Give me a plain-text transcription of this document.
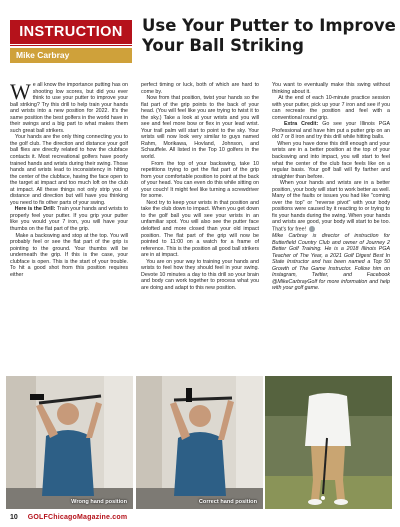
INSTRUCTION
Mike Carbray
Use Your Putter to Improve
Your Ball Striking

We all know the importance putting has on shooting low scores, but did you ever think to use your putter to improve your ball striking? Try this drill to help train your hands and wrists into a new position for 2022. It's the same position the best golfers in the world have in their swings and a big part to what makes them such great ball strikers.

Your hands are the only thing connecting you to the golf club. The direction and distance your golf ball flies are directly related to how the clubface contacts it. Most recreational golfers have poorly trained hands and wrists during their swing. Those hands and wrists lead to inconsistency in hitting the center of the clubface, having the face open to the target at impact and too much loft on the club at impact. All these things not only strip you of distance and direction but will have you thinking you need to fix other parts of your swing.

Here is the Drill: Train your hands and wrists to properly feel your putter. If you grip your putter like you would your 7 iron, you will have your thumbs on the flat part of the grip.

Make a backswing and stop at the top. You will probably feel or see the flat part of the grip is pointing to the ground. Your thumbs will be underneath the grip. If this is the case, your clubface is open. This is the start of your trouble. To hit a good shot from this position requires either

perfect timing or luck, both of which are hard to come by.

Now from that position, twist your hands so the flat part of the grip points to the back of your head. (You will feel like you are trying to twist it to the sky.) Take a look at your wrists and you will see and feel more bow or flex in your lead wrist. Your trail palm will start to point to the sky. Your wrists will now look very similar to guys named Rahm, Morikawa, Hovland, Johnson, and Schauffele. All listed in the Top 10 golfers in the world.

From the top of your backswing, take 10 repetitions trying to get the flat part of the grip from your comfortable position to point at the back of your head. You can even do this while sitting on your couch! It might feel like turning a screwdriver for some.

Next try to keep your wrists in that position and take the club down to impact. When you get down to the golf ball you will see your wrists in an unfamiliar spot. You will also see the putter face delofted and more closed than your old impact position. The flat part of the grip will now be pointed to 11:00 on a watch for a frame of reference. This is the position all good ball strikers are in at impact.

You are on your way to training your hands and wrists to feel how they should feel in your swing. Devote 10 minutes a day to this drill so your brain and body can work together to process what you are doing and adapt to this new position.

You want to eventually make this swing without thinking about it.

At the end of each 10-minute practice session with your putter, pick up your 7 iron and see if you can recreate the position and feel with a conventional round grip.

Extra Credit: Go see your Illinois PGA Professional and have him put a putter grip on an old 7 or 8 iron and try this drill while hitting balls.

When you have done this drill enough and your wrists are in a better position at the top of your backswing and into impact, you will start to feel what the center of the club face feels like on a regular basis. Your golf ball will fly farther and straighter than before.

When your hands and wrists are in a better position, your body will start to work better as well. Many of the faults or issues you had like "coming over the top" or "reverse pivot" with your body positions were caused by it reacting to or trying to fix your hands during the swing. When your hands and wrists are good, your body will start to be too. That's for free!

Mike Carbray is director of instruction for Butterfield Country Club and owner of Journey 2 Better Golf Training. He is a 2018 Illinois PGA Teacher of The Year, a 2021 Golf Digest Best In State Instructor and has been named a Top 50 Growth of The Game Instructor. Follow him on Instagram, Twitter, and Facebook @MikeCarbrayGolf for more information and help with your golf game.

Wrong hand position	Correct hand position
10 GOLFChicagoMagazine.com
